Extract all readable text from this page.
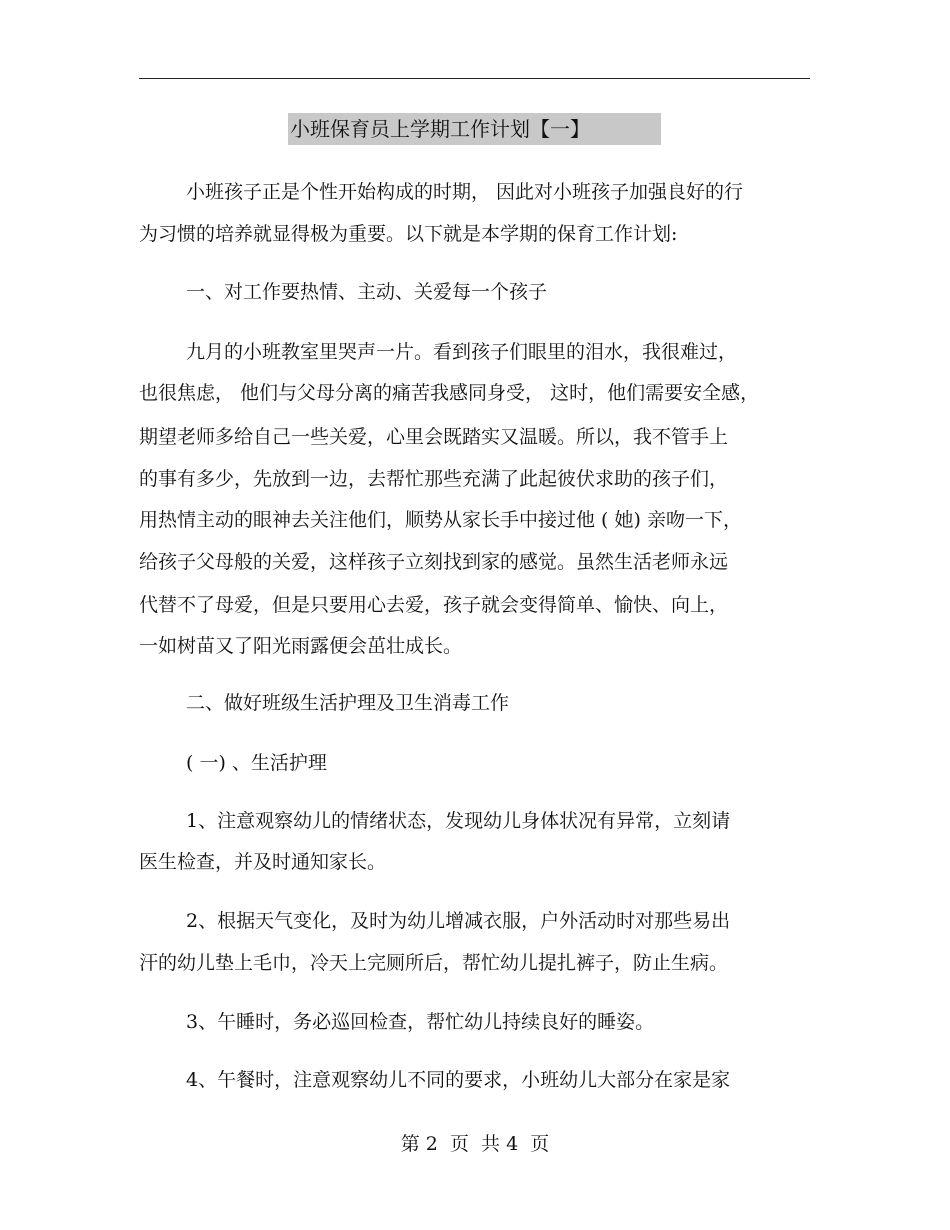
小班保育员上学期工作计划【一】
小班孩子正是个性开始构成的时期， 因此对小班孩子加强良好的行
为习惯的培养就显得极为重要。以下就是本学期的保育工作计划:
一、对工作要热情、主动、关爱每一个孩子
九月的小班教室里哭声一片。看到孩子们眼里的泪水，我很难过，
也很焦虑， 他们与父母分离的痛苦我感同身受， 这时，他们需要安全感，
期望老师多给自己一些关爱，心里会既踏实又温暖。所以，我不管手上
的事有多少，先放到一边，去帮忙那些充满了此起彼伏求助的孩子们，
用热情主动的眼神去关注他们，顺势从家长手中接过他 ( 她) 亲吻一下，
给孩子父母般的关爱，这样孩子立刻找到家的感觉。虽然生活老师永远
代替不了母爱，但是只要用心去爱，孩子就会变得简单、愉快、向上，
一如树苗又了阳光雨露便会茁壮成长。
二、做好班级生活护理及卫生消毒工作
( 一) 、生活护理
1、注意观察幼儿的情绪状态，发现幼儿身体状况有异常，立刻请
医生检查，并及时通知家长。
2、根据天气变化，及时为幼儿增减衣服，户外活动时对那些易出
汗的幼儿垫上毛巾，冷天上完厕所后，帮忙幼儿提扎裤子，防止生病。
3、午睡时，务必巡回检查，帮忙幼儿持续良好的睡姿。
4、午餐时，注意观察幼儿不同的要求，小班幼儿大部分在家是家
第 2  页  共 4  页
